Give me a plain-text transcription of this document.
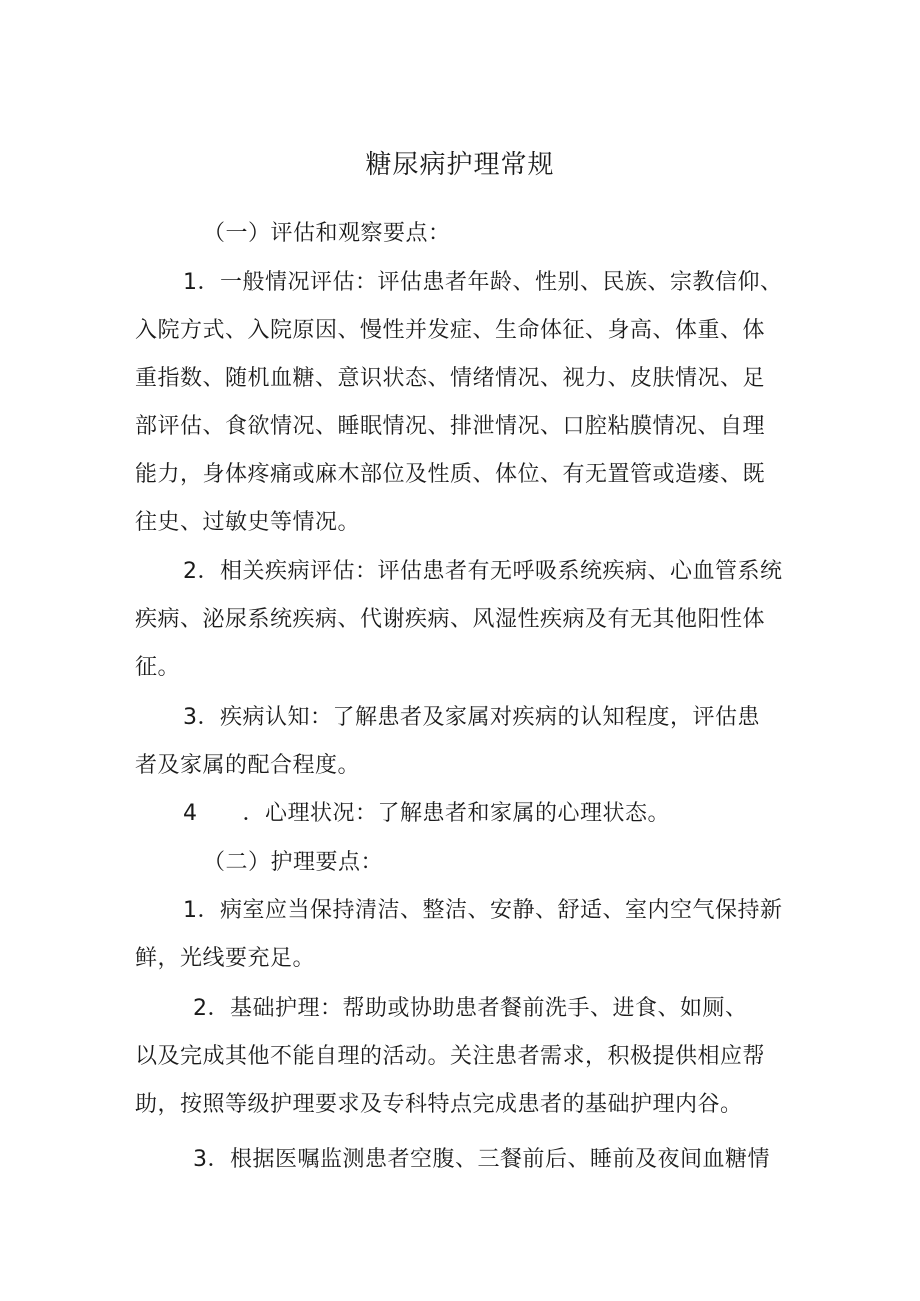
糖尿病护理常规
（一）评估和观察要点：
1．一般情况评估：评估患者年龄、性别、民族、宗教信仰、
入院方式、入院原因、慢性并发症、生命体征、身高、体重、体
重指数、随机血糖、意识状态、情绪情况、视力、皮肤情况、足
部评估、食欲情况、睡眠情况、排泄情况、口腔粘膜情况、自理
能力，身体疼痛或麻木部位及性质、体位、有无置管或造瘘、既
往史、过敏史等情况。
2．相关疾病评估：评估患者有无呼吸系统疾病、心血管系统
疾病、泌尿系统疾病、代谢疾病、风湿性疾病及有无其他阳性体
征。
3．疾病认知：了解患者及家属对疾病的认知程度，评估患
者及家属的配合程度。
4　　．心理状况：了解患者和家属的心理状态。
（二）护理要点：
1．病室应当保持清洁、整洁、安静、舒适、室内空气保持新
鲜，光线要充足。
2．基础护理：帮助或协助患者餐前洗手、进食、如厕、
以及完成其他不能自理的活动。关注患者需求，积极提供相应帮
助，按照等级护理要求及专科特点完成患者的基础护理内谷。
3．根据医嘱监测患者空腹、三餐前后、睡前及夜间血糖情
